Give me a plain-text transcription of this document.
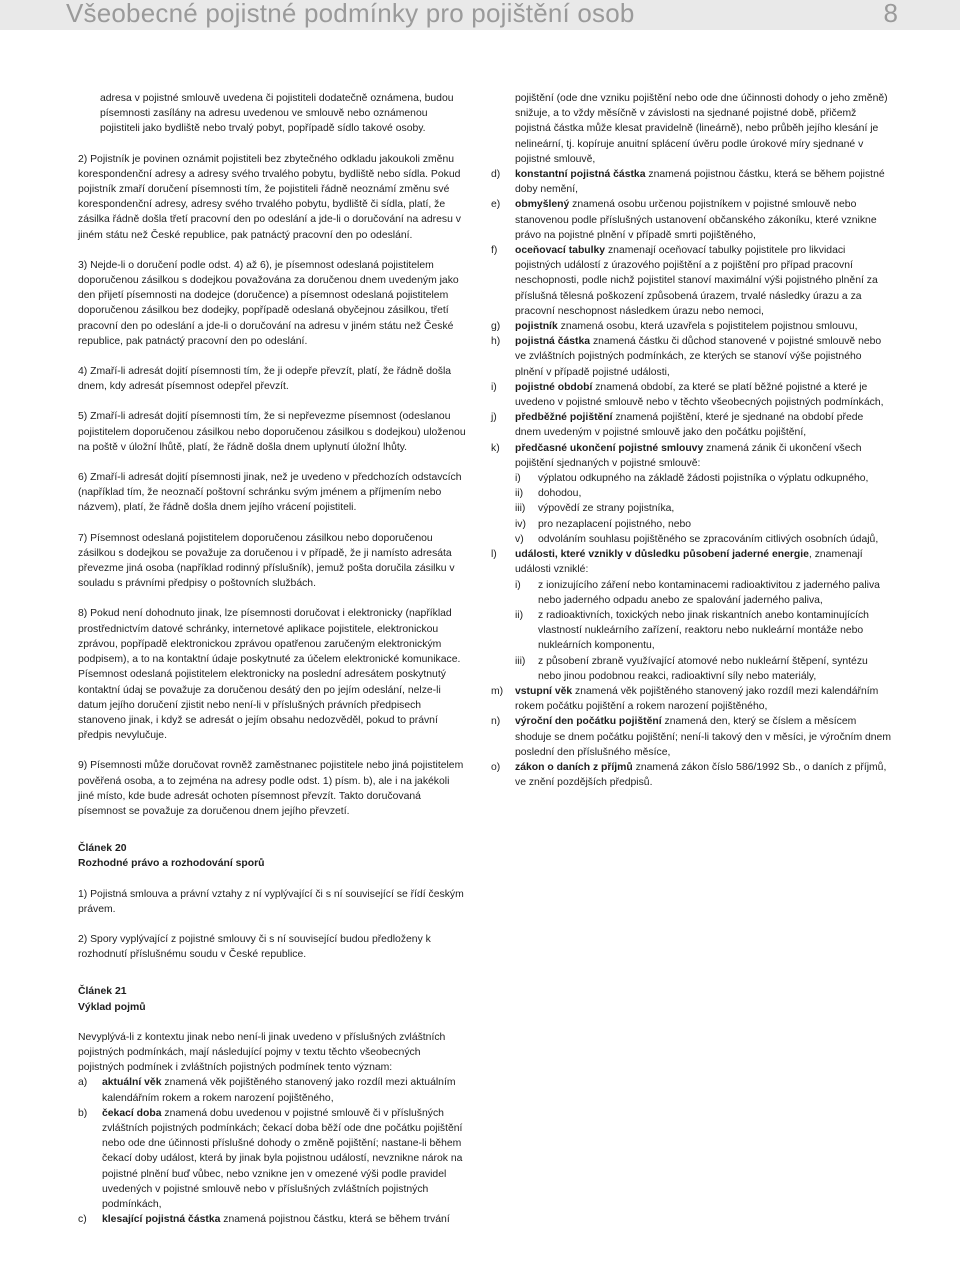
Všeobecné pojistné podmínky pro pojištění osob	8
adresa v pojistné smlouvě uvedena či pojistiteli dodatečně oznámena, budou písemnosti zasílány na adresu uvedenou ve smlouvě nebo oznámenou pojistiteli jako bydliště nebo trvalý pobyt, popřípadě sídlo takové osoby.
2) Pojistník je povinen oznámit pojistiteli bez zbytečného odkladu jakoukoli změnu korespondenční adresy a adresy svého trvalého pobytu, bydliště nebo sídla. Pokud pojistník zmaří doručení písemnosti tím, že pojistiteli řádně neoznámí změnu své korespondenční adresy, adresy svého trvalého pobytu, bydliště či sídla, platí, že zásilka řádně došla třetí pracovní den po odeslání a jde-li o doručování na adresu v jiném státu než České republice, pak patnáctý pracovní den po odeslání.
3) Nejde-li o doručení podle odst. 4) až 6), je písemnost odeslaná pojistitelem doporučenou zásilkou s dodejkou považována za doručenou dnem uvedeným jako den přijetí písemnosti na dodejce (doručence) a písemnost odeslaná pojistitelem doporučenou zásilkou bez dodejky, popřípadě odeslaná obyčejnou zásilkou, třetí pracovní den po odeslání a jde-li o doručování na adresu v jiném státu než České republice, pak patnáctý pracovní den po odeslání.
4) Zmaří-li adresát dojití písemnosti tím, že ji odepře převzít, platí, že řádně došla dnem, kdy adresát písemnost odepřel převzít.
5) Zmaří-li adresát dojití písemnosti tím, že si nepřevezme písemnost (odeslanou pojistitelem doporučenou zásilkou nebo doporučenou zásilkou s dodejkou) uloženou na poště v úložní lhůtě, platí, že řádně došla dnem uplynutí úložní lhůty.
6) Zmaří-li adresát dojití písemnosti jinak, než je uvedeno v předchozích odstavcích (například tím, že neoznačí poštovní schránku svým jménem a příjmením nebo názvem), platí, že řádně došla dnem jejího vrácení pojistiteli.
7) Písemnost odeslaná pojistitelem doporučenou zásilkou nebo doporučenou zásilkou s dodejkou se považuje za doručenou i v případě, že ji namísto adresáta převezme jiná osoba (například rodinný příslušník), jemuž pošta doručila zásilku v souladu s právními předpisy o poštovních službách.
8) Pokud není dohodnuto jinak, lze písemnosti doručovat i elektronicky (například prostřednictvím datové schránky, internetové aplikace pojistitele, elektronickou zprávou, popřípadě elektronickou zprávou opatřenou zaručeným elektronickým podpisem), a to na kontaktní údaje poskytnuté za účelem elektronické komunikace. Písemnost odeslaná pojistitelem elektronicky na poslední adresátem poskytnutý kontaktní údaj se považuje za doručenou desátý den po jejím odeslání, nelze-li datum jejího doručení zjistit nebo není-li v příslušných právních předpisech stanoveno jinak, i když se adresát o jejím obsahu nedozvěděl, pokud to právní předpis nevylučuje.
9) Písemnosti může doručovat rovněž zaměstnanec pojistitele nebo jiná pojistitelem pověřená osoba, a to zejména na adresy podle odst. 1) písm. b), ale i na jakékoli jiné místo, kde bude adresát ochoten písemnost převzít. Takto doručovaná písemnost se považuje za doručenou dnem jejího převzetí.
Článek 20
Rozhodné právo a rozhodování sporů
1) Pojistná smlouva a právní vztahy z ní vyplývající či s ní související se řídí českým právem.
2) Spory vyplývající z pojistné smlouvy či s ní související budou předloženy k rozhodnutí příslušnému soudu v České republice.
Článek 21
Výklad pojmů
Nevyplývá-li z kontextu jinak nebo není-li jinak uvedeno v příslušných zvláštních pojistných podmínkách, mají následující pojmy v textu těchto všeobecných pojistných podmínek i zvláštních pojistných podmínek tento význam:
a) aktuální věk znamená věk pojištěného stanovený jako rozdíl mezi aktuálním kalendářním rokem a rokem narození pojištěného,
b) čekací doba znamená dobu uvedenou v pojistné smlouvě či v příslušných zvláštních pojistných podmínkách; čekací doba běží ode dne počátku pojištění nebo ode dne účinnosti příslušné dohody o změně pojištění; nastane-li během čekací doby událost, která by jinak byla pojistnou událostí, nevznikne nárok na pojistné plnění buď vůbec, nebo vznikne jen v omezené výši podle pravidel uvedených v pojistné smlouvě nebo v příslušných zvláštních pojistných podmínkách,
c) klesající pojistná částka znamená pojistnou částku, která se během trvání
pojištění (ode dne vzniku pojištění nebo ode dne účinnosti dohody o jeho změně) snižuje, a to vždy měsíčně v závislosti na sjednané pojistné době, přičemž pojistná částka může klesat pravidelně (lineárně), nebo průběh jejího klesání je nelineární, tj. kopíruje anuitní splácení úvěru podle úrokové míry sjednané v pojistné smlouvě,
d) konstantní pojistná částka znamená pojistnou částku, která se během pojistné doby nemění,
e) obmyšlený znamená osobu určenou pojistníkem v pojistné smlouvě nebo stanovenou podle příslušných ustanovení občanského zákoníku, které vznikne právo na pojistné plnění v případě smrti pojištěného,
f) oceňovací tabulky znamenají oceňovací tabulky pojistitele pro likvidaci pojistných událostí z úrazového pojištění a z pojištění pro případ pracovní neschopnosti, podle nichž pojistitel stanoví maximální výši pojistného plnění za příslušná tělesná poškození způsobená úrazem, trvalé následky úrazu a za pracovní neschopnost následkem úrazu nebo nemoci,
g) pojistník znamená osobu, která uzavřela s pojistitelem pojistnou smlouvu,
h) pojistná částka znamená částku či důchod stanovené v pojistné smlouvě nebo ve zvláštních pojistných podmínkách, ze kterých se stanoví výše pojistného plnění v případě pojistné události,
i) pojistné období znamená období, za které se platí běžné pojistné a které je uvedeno v pojistné smlouvě nebo v těchto všeobecných pojistných podmínkách,
j) předběžné pojištění znamená pojištění, které je sjednané na období přede dnem uvedeným v pojistné smlouvě jako den počátku pojištění,
k) předčasné ukončení pojistné smlouvy znamená zánik či ukončení všech pojištění sjednaných v pojistné smlouvě:
i) výplatou odkupného na základě žádosti pojistníka o výplatu odkupného,
ii) dohodou,
iii) výpovědí ze strany pojistníka,
iv) pro nezaplacení pojistného, nebo
v) odvoláním souhlasu pojištěného se zpracováním citlivých osobních údajů,
l) události, které vznikly v důsledku působení jaderné energie, znamenají události vzniklé:
i) z ionizujícího záření nebo kontaminacemi radioaktivitou z jaderného paliva nebo jaderného odpadu anebo ze spalování jaderného paliva,
ii) z radioaktivních, toxických nebo jinak riskantních anebo kontaminujících vlastností nukleárního zařízení, reaktoru nebo nukleární montáže nebo nukleárních komponentu,
iii) z působení zbraně využívající atomové nebo nukleární štěpení, syntézu nebo jinou podobnou reakci, radioaktivní síly nebo materiály,
m) vstupní věk znamená věk pojištěného stanovený jako rozdíl mezi kalendářním rokem počátku pojištění a rokem narození pojištěného,
n) výroční den počátku pojištění znamená den, který se číslem a měsícem shoduje se dnem počátku pojištění; není-li takový den v měsíci, je výročním dnem poslední den příslušného měsíce,
o) zákon o daních z příjmů znamená zákon číslo 586/1992 Sb., o daních z příjmů, ve znění pozdějších předpisů.
